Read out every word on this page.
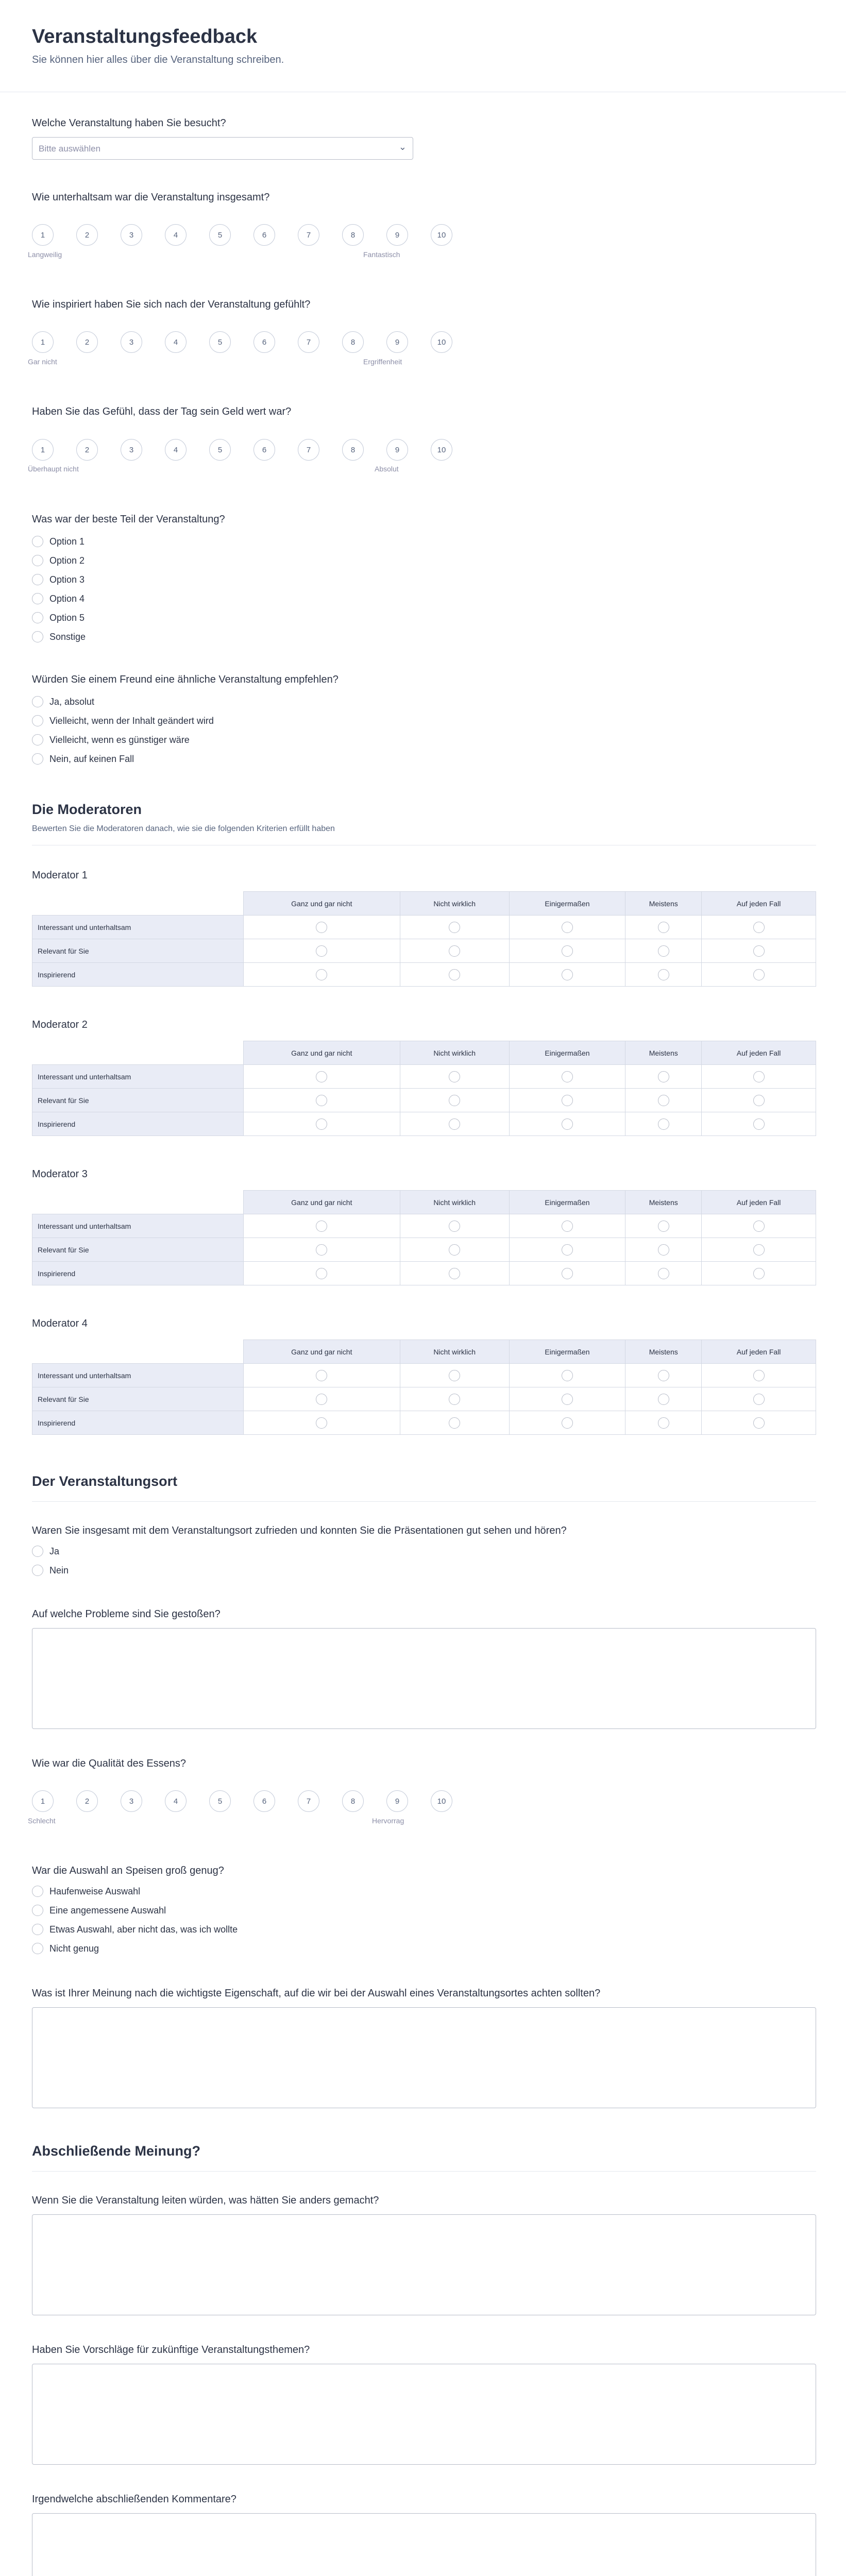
Veranstaltungsfeedback
Sie können hier alles über die Veranstaltung schreiben.
Welche Veranstaltung haben Sie besucht?
Bitte auswählen	⌄
Wie unterhaltsam war die Veranstaltung insgesamt?
1	2	3	4	5	6	7	8	9	10
Langweilig	Fantastisch
Wie inspiriert haben Sie sich nach der Veranstaltung gefühlt?
1	2	3	4	5	6	7	8	9	10
Gar nicht	Ergriffenheit
Haben Sie das Gefühl, dass der Tag sein Geld wert war?
1	2	3	4	5	6	7	8	9	10
Überhaupt nicht	Absolut
Was war der beste Teil der Veranstaltung?
Option 1
Option 2
Option 3
Option 4
Option 5
Sonstige
Würden Sie einem Freund eine ähnliche Veranstaltung empfehlen?
Ja, absolut
Vielleicht, wenn der Inhalt geändert wird
Vielleicht, wenn es günstiger wäre
Nein, auf keinen Fall
Die Moderatoren
Bewerten Sie die Moderatoren danach, wie sie die folgenden Kriterien erfüllt haben
Moderator 1
	Ganz und gar nicht	Nicht wirklich	Einigermaßen	Meistens	Auf jeden Fall
Interessant und unterhaltsam					
Relevant für Sie					
Inspirierend					
Moderator 2
	Ganz und gar nicht	Nicht wirklich	Einigermaßen	Meistens	Auf jeden Fall
Interessant und unterhaltsam					
Relevant für Sie					
Inspirierend					
Moderator 3
	Ganz und gar nicht	Nicht wirklich	Einigermaßen	Meistens	Auf jeden Fall
Interessant und unterhaltsam					
Relevant für Sie					
Inspirierend					
Moderator 4
	Ganz und gar nicht	Nicht wirklich	Einigermaßen	Meistens	Auf jeden Fall
Interessant und unterhaltsam					
Relevant für Sie					
Inspirierend					
Der Veranstaltungsort
Waren Sie insgesamt mit dem Veranstaltungsort zufrieden und konnten Sie die Präsentationen gut sehen und hören?
Ja
Nein
Auf welche Probleme sind Sie gestoßen?
Wie war die Qualität des Essens?
1	2	3	4	5	6	7	8	9	10
Schlecht	Hervorrag
War die Auswahl an Speisen groß genug?
Haufenweise Auswahl
Eine angemessene Auswahl
Etwas Auswahl, aber nicht das, was ich wollte
Nicht genug
Was ist Ihrer Meinung nach die wichtigste Eigenschaft, auf die wir bei der Auswahl eines Veranstaltungsortes achten sollten?
Abschließende Meinung?
Wenn Sie die Veranstaltung leiten würden, was hätten Sie anders gemacht?
Haben Sie Vorschläge für zukünftige Veranstaltungsthemen?
Irgendwelche abschließenden Kommentare?
